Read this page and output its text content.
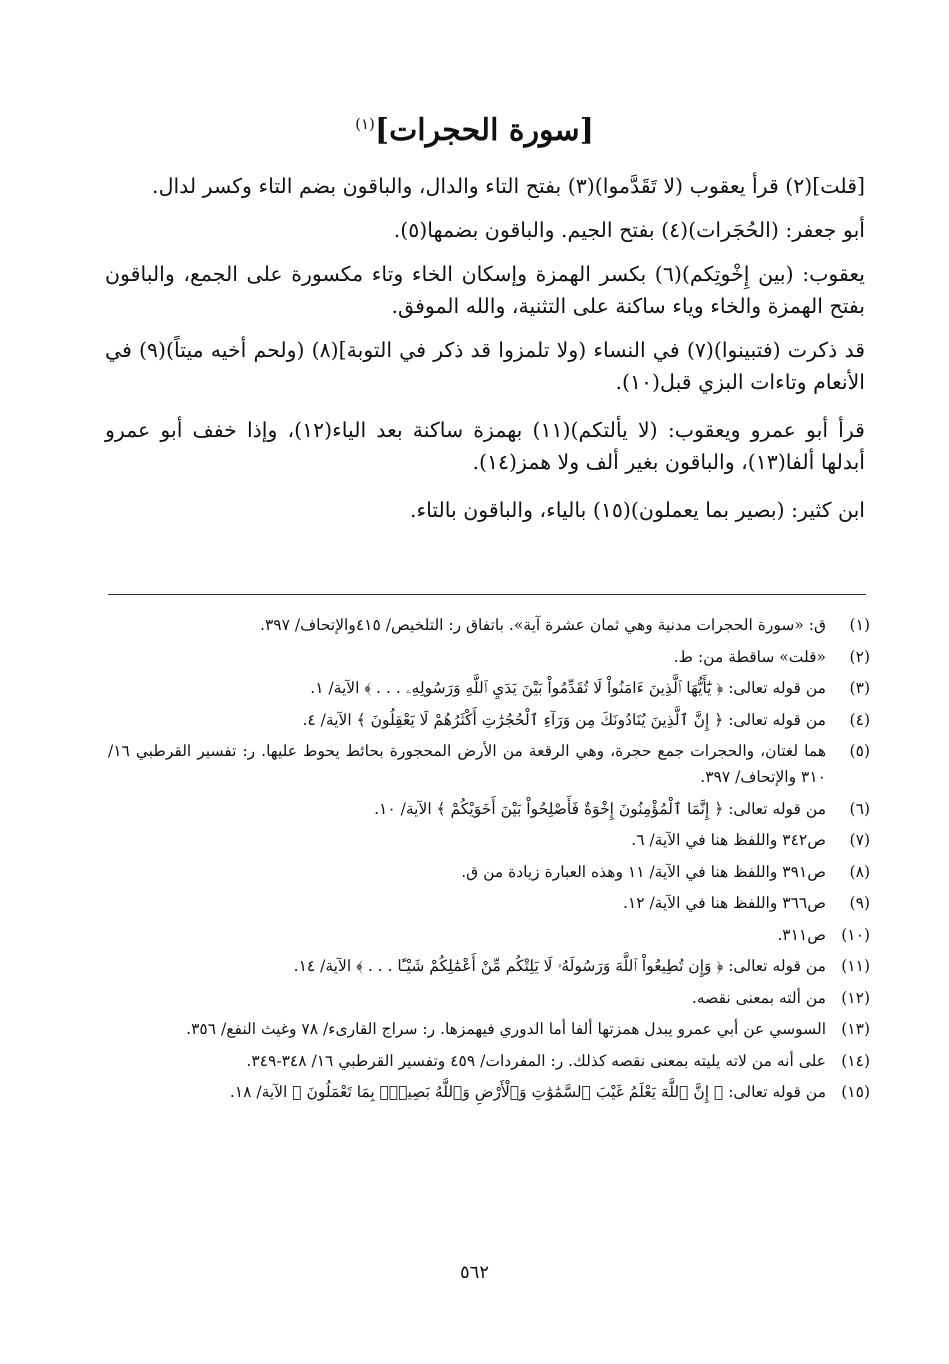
[سورة الحجرات]$^{(١)}$

[قلت](٢) قرأ يعقوب (لا تَقَدَّموا)(٣) بفتح التاء والدال، والباقون بضم التاء وكسر لدال.

أبو جعفر: (الحُجَرات)(٤) بفتح الجيم. والباقون بضمها(٥).

يعقوب: (بين إِخْوتِكم)(٦) بكسر الهمزة وإسكان الخاء وتاء مكسورة على الجمع، والباقون بفتح الهمزة والخاء وياء ساكنة على التثنية، والله الموفق.

قد ذكرت (فتبينوا)(٧) في النساء (ولا تلمزوا قد ذكر في التوبة](٨) (ولحم أخيه ميتاً)(٩) في الأنعام وتاءات البزي قبل(١٠).

قرأ أبو عمرو ويعقوب: (لا يألتكم)(١١) بهمزة ساكنة بعد الياء(١٢)، وإذا خفف أبو عمرو أبدلها ألفا(١٣)، والباقون بغير ألف ولا همز(١٤).

ابن كثير: (بصير بما يعملون)(١٥) بالياء، والباقون بالتاء.

(١)
ق: «سورة الحجرات مدنية وهي ثمان عشرة آية». باتفاق ر: التلخيص/ ٤١٥والإتحاف/ ٣٩٧.
(٢)
«قلت» ساقطة من: ط.
(٣)
من قوله تعالى: ﴿ يَٰٓأَيُّهَا ٱلَّذِينَ ءَامَنُواْ لَا تُقَدِّمُواْ بَيْنَ يَدَيِ ٱللَّهِ وَرَسُولِهِۦ . . . ﴾ الآية/ ١.
(٤)
من قوله تعالى: ﴿ إِنَّ ٱلَّذِينَ يُنَادُونَكَ مِن وَرَآءِ ٱلْحُجُرَٰتِ أَكْثَرُهُمْ لَا يَعْقِلُونَ ﴾ الآية/ ٤.
(٥)
هما لغتان، والحجرات جمع حجرة، وهي الرقعة من الأرض المحجورة بحائط يحوط عليها. ر: تفسير القرطبي ١٦/ ٣١٠ والإتحاف/ ٣٩٧.
(٦)
من قوله تعالى: ﴿ إِنَّمَا ٱلْمُؤْمِنُونَ إِخْوَةٌ فَأَصْلِحُواْ بَيْنَ أَخَوَيْكُمْ ﴾ الآية/ ١٠.
(٧)
ص٣٤٢ واللفظ هنا في الآية/ ٦.
(٨)
ص٣٩١ واللفظ هنا في الآية/ ١١ وهذه العبارة زيادة من ق.
(٩)
ص٣٦٦ واللفظ هنا في الآية/ ١٢.
(١٠)
ص٣١١.
(١١)
من قوله تعالى: ﴿ وَإِن تُطِيعُواْ ٱللَّهَ وَرَسُولَهُۥ لَا يَلِتْكُم مِّنْ أَعْمَٰلِكُمْ شَيْـًٔا . . . ﴾ الآية/ ١٤.
(١٢)
من ألته بمعنى نقصه.
(١٣)
السوسي عن أبي عمرو يبدل همزتها ألفا أما الدوري فيهمزها. ر: سراج القارىء/ ٧٨ وغيث النفع/ ٣٥٦.
(١٤)
على أنه من لاته يليته بمعنى نقصه كذلك. ر: المفردات/ ٤٥٩ وتفسير القرطبي ١٦/ ٣٤٨-٣٤٩.
(١٥)
من قوله تعالى: ﴿ إِنَّ ٱللَّهَ يَعْلَمُ غَيْبَ ٱلسَّمَٰوَٰتِ وَٱلْأَرْضِ وَٱللَّهُ بَصِيرٌۢ بِمَا تَعْمَلُونَ ﴾ الآية/ ١٨.
٥٦٢
